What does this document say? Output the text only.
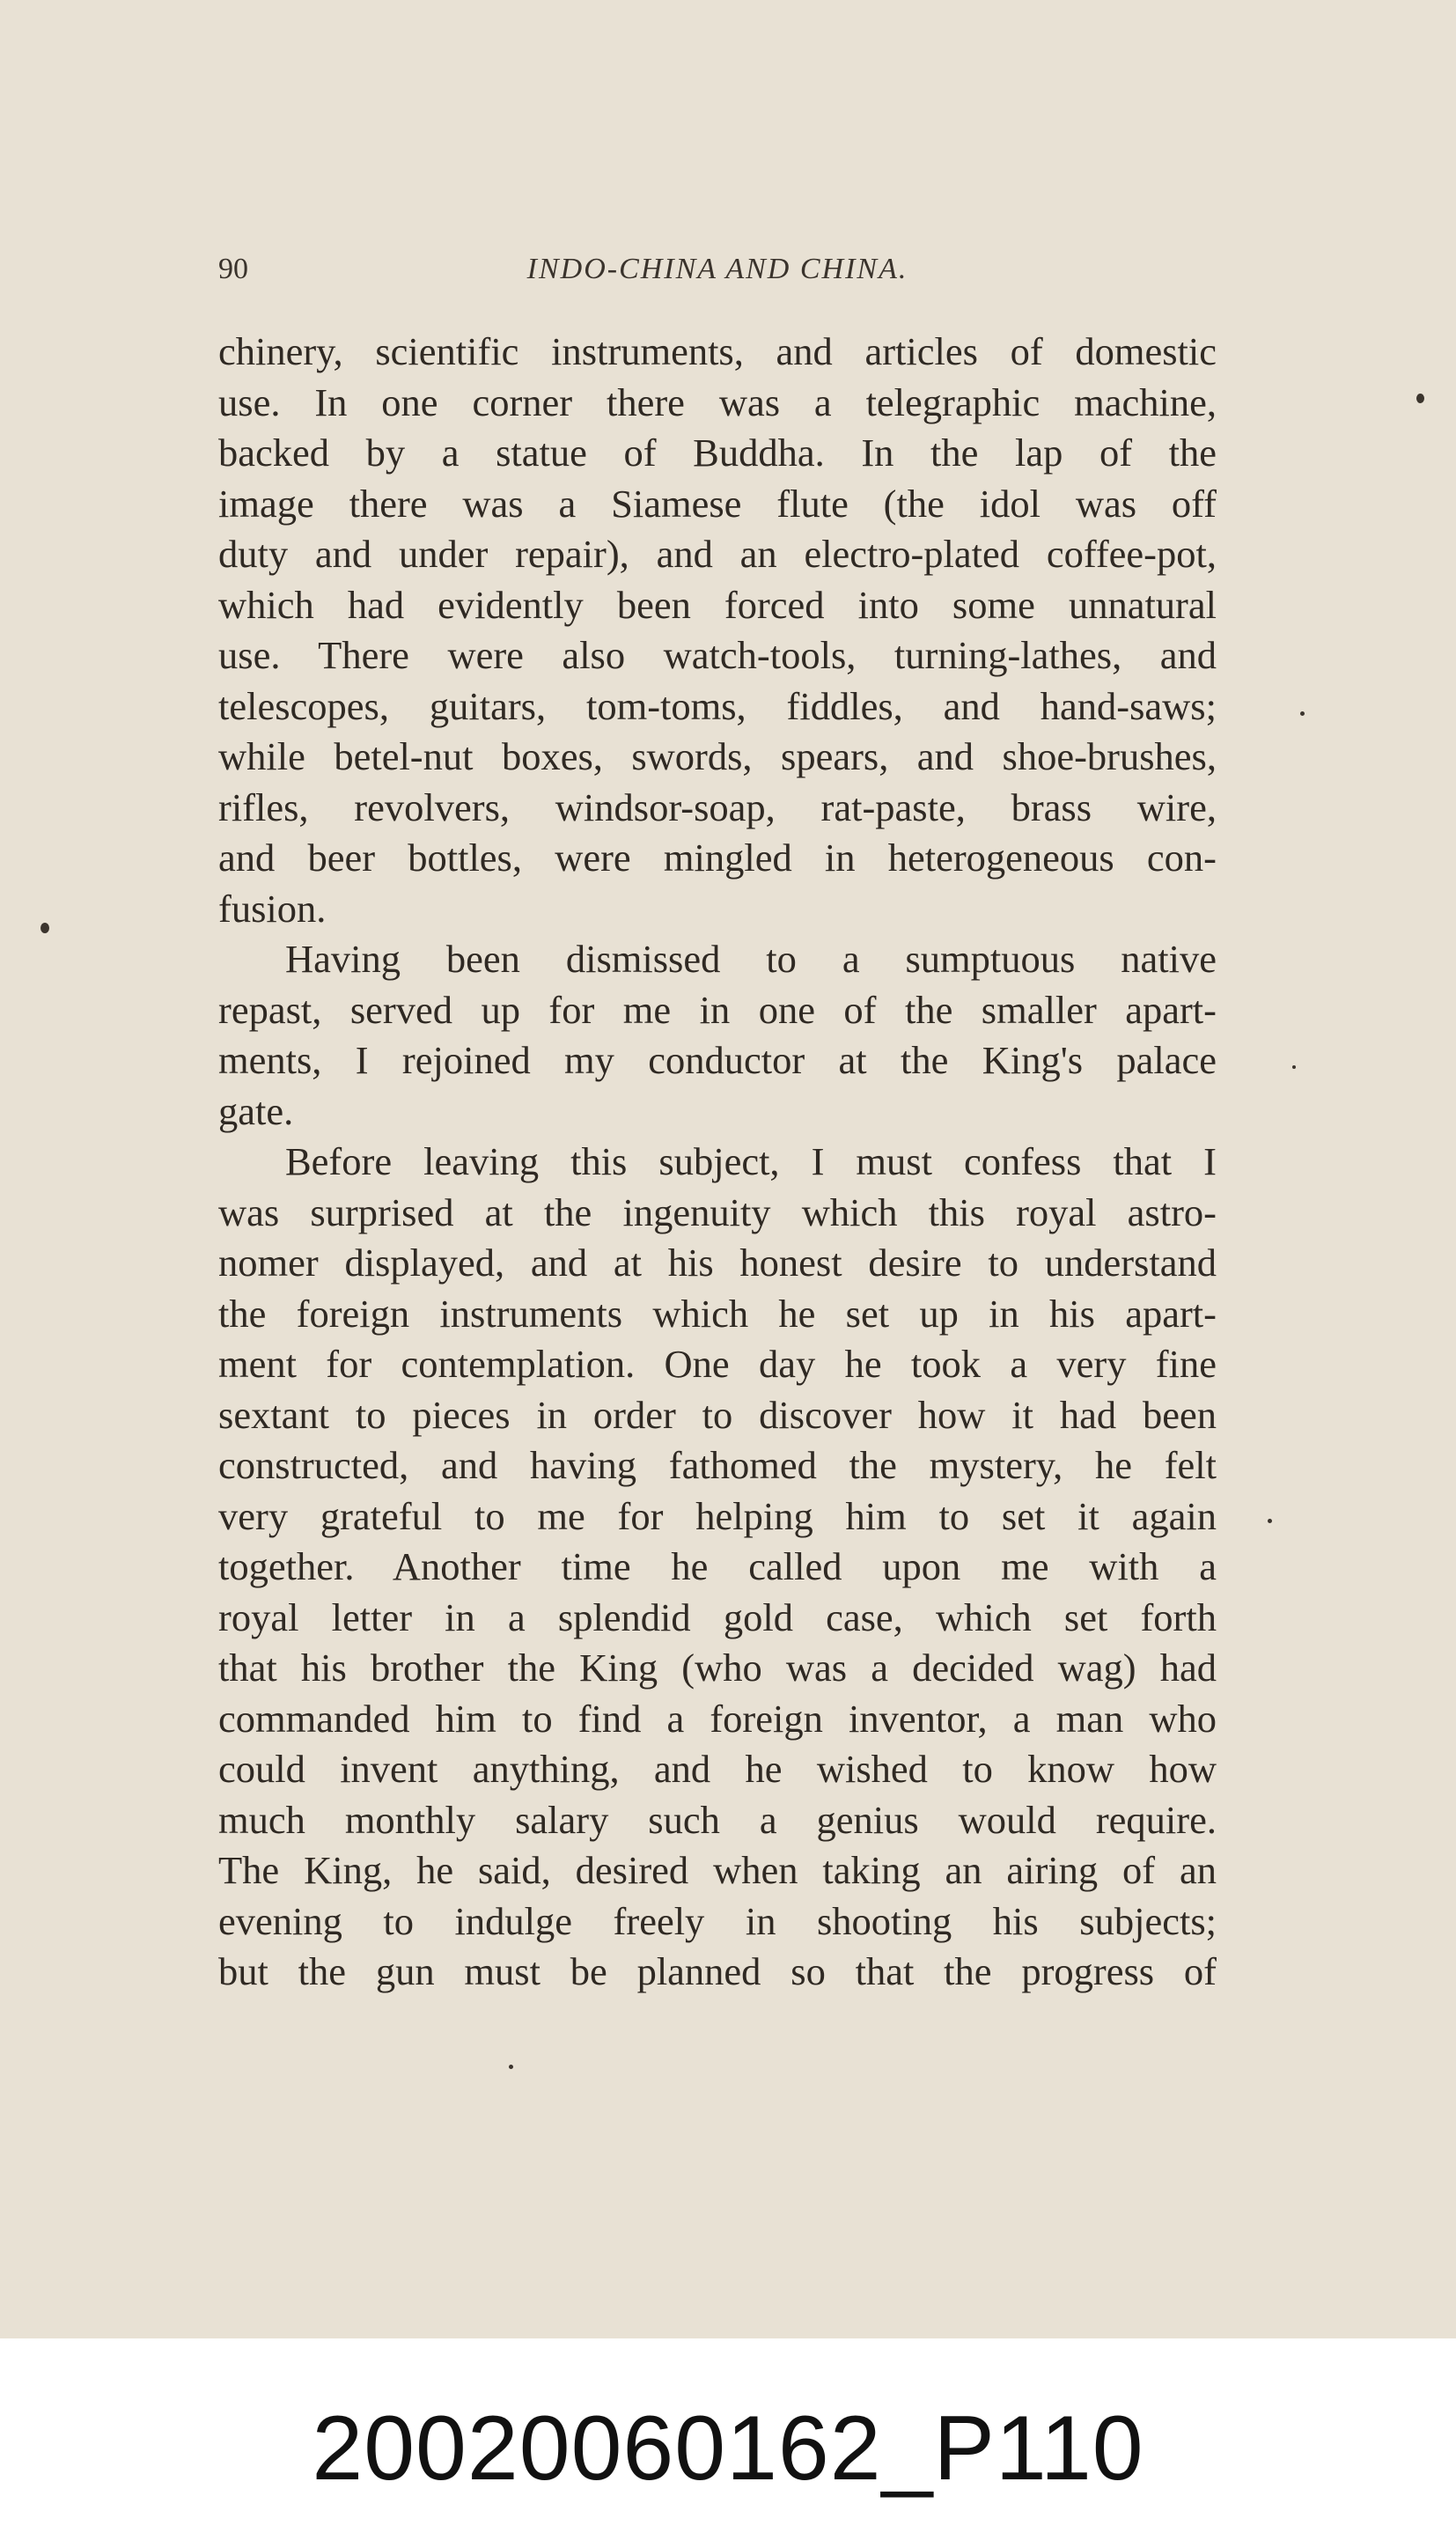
90	INDO-CHINA AND CHINA.
chinery, scientific instruments, and articles of domestic
use. In one corner there was a telegraphic machine,
backed by a statue of Buddha. In the lap of the
image there was a Siamese flute (the idol was off
duty and under repair), and an electro-plated coffee-pot,
which had evidently been forced into some unnatural
use. There were also watch-tools, turning-lathes, and
telescopes, guitars, tom-toms, fiddles, and hand-saws;
while betel-nut boxes, swords, spears, and shoe-brushes,
rifles, revolvers, windsor-soap, rat-paste, brass wire,
and beer bottles, were mingled in heterogeneous con-
fusion.
Having been dismissed to a sumptuous native
repast, served up for me in one of the smaller apart-
ments, I rejoined my conductor at the King's palace
gate.
Before leaving this subject, I must confess that I
was surprised at the ingenuity which this royal astro-
nomer displayed, and at his honest desire to understand
the foreign instruments which he set up in his apart-
ment for contemplation. One day he took a very fine
sextant to pieces in order to discover how it had been
constructed, and having fathomed the mystery, he felt
very grateful to me for helping him to set it again
together. Another time he called upon me with a
royal letter in a splendid gold case, which set forth
that his brother the King (who was a decided wag) had
commanded him to find a foreign inventor, a man who
could invent anything, and he wished to know how
much monthly salary such a genius would require.
The King, he said, desired when taking an airing of an
evening to indulge freely in shooting his subjects;
but the gun must be planned so that the progress of
20020060162_P110
